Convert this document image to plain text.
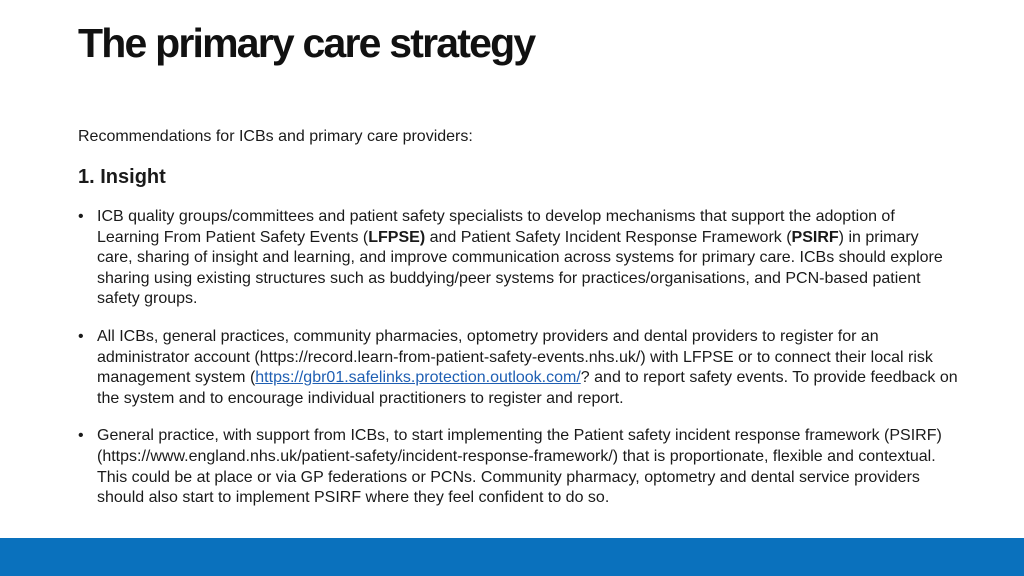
The primary care strategy

Recommendations for ICBs and primary care providers:

1. Insight
• ICB quality groups/committees and patient safety specialists to develop mechanisms that support the adoption of Learning From Patient Safety Events (LFPSE) and Patient Safety Incident Response Framework (PSIRF) in primary care, sharing of insight and learning, and improve communication across systems for primary care. ICBs should explore sharing using existing structures such as buddying/peer systems for practices/organisations, and PCN-based patient safety groups.
• All ICBs, general practices, community pharmacies, optometry providers and dental providers to register for an administrator account (https://record.learn-from-patient-safety-events.nhs.uk/) with LFPSE or to connect their local risk management system (https://gbr01.safelinks.protection.outlook.com/? and to report safety events. To provide feedback on the system and to encourage individual practitioners to register and report.
• General practice, with support from ICBs, to start implementing the Patient safety incident response framework (PSIRF) (https://www.england.nhs.uk/patient-safety/incident-response-framework/) that is proportionate, flexible and contextual. This could be at place or via GP federations or PCNs. Community pharmacy, optometry and dental service providers should also start to implement PSIRF where they feel confident to do so.
